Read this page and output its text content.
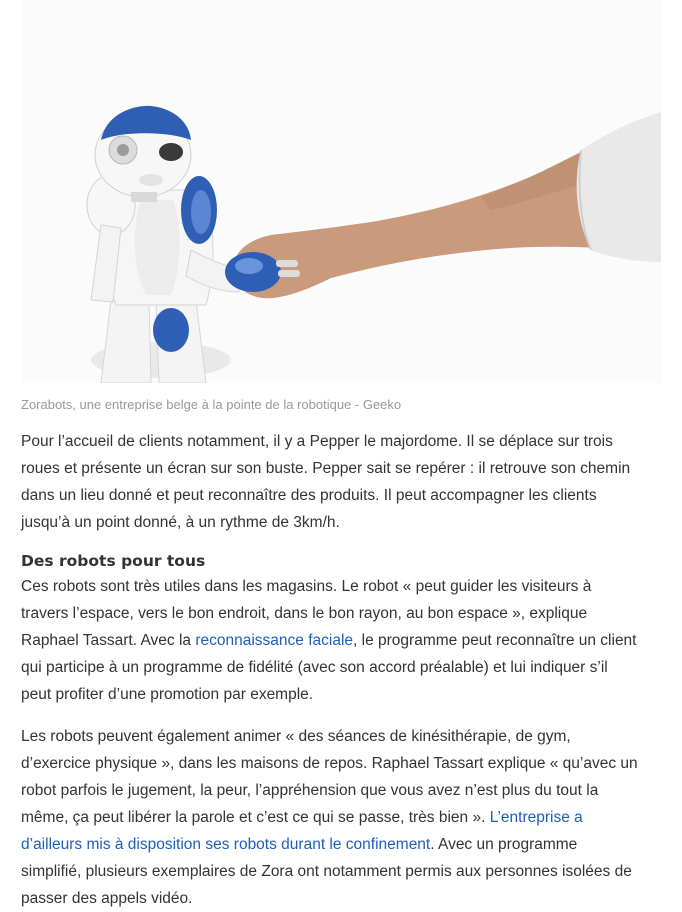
Zorabots, une entreprise belge à la pointe de la robotique - Geeko

Pour l’accueil de clients notamment, il y a Pepper le majordome. Il se déplace sur trois
roues et présente un écran sur son buste. Pepper sait se repérer : il retrouve son chemin
dans un lieu donné et peut reconnaître des produits. Il peut accompagner les clients
jusqu’à un point donné, à un rythme de 3km/h.

Des robots pour tous

Ces robots sont très utiles dans les magasins. Le robot « peut guider les visiteurs à
travers l’espace, vers le bon endroit, dans le bon rayon, au bon espace », explique
Raphael Tassart. Avec la reconnaissance faciale, le programme peut reconnaître un client
qui participe à un programme de fidélité (avec son accord préalable) et lui indiquer s’il
peut profiter d’une promotion par exemple.

Les robots peuvent également animer « des séances de kinésithérapie, de gym,
d’exercice physique », dans les maisons de repos. Raphael Tassart explique « qu’avec un
robot parfois le jugement, la peur, l’appréhension que vous avez n’est plus du tout la
même, ça peut libérer la parole et c’est ce qui se passe, très bien ». L’entreprise a
d’ailleurs mis à disposition ses robots durant le confinement. Avec un programme
simplifié, plusieurs exemplaires de Zora ont notamment permis aux personnes isolées de
passer des appels vidéo.
